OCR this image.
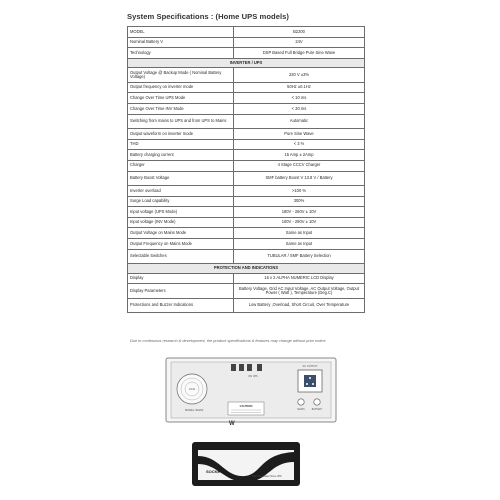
System Specifications : (Home UPS models)
MODEL	B2200
Nominal Battery V	24V
Technology	DSP Based Full Bridge Pure Sine Wave
INVERTER / UPS	
Output Voltage @ Backup Mode ( Nominal Battery Voltage)	220 V ±3%
Output frequency on inverter mode	50Hz ±0.1Hz
Change Over Time UPS Mode	< 10 ms
Change Over Time INV Mode	< 30 ms
Switching from mains to UPS and from UPS to Mains	Automatic
Output waveform on inverter mode	Pure Sine Wave
THD	< 3 %
Battery charging current	15 Amp ± 2Amp
Charger	4 Stage CCCV Charger
Battery Boost Voltage	SMF battery Boost V 13.8 V / Battery
Inverter overload	>100 %
Surge Load capability	300%
Input voltage (UPS Mode)	180V - 260V ± 10V
Input voltage (INV Mode)	100V - 290V ± 10V
Output Voltage on Mains Mode	Same as Input
Output Frequency on Mains Mode	Same as Input
Selectable Switches	TUBULAR / SMF Battery Selection
PROTECTION AND INDICATIONS	
Display	16 x 2 ALPHA NUMERIC LCD Display
Display Parameters	Battery Voltage, Grid AC Input Voltage, AC Output Voltage, Output Power ( Watt ), Temperature (Deg.C)
Protections and Buzzer Indications	Low Battery ,Overload, Short Circuit, Over Temperature
Due to continuous research & development, the product specifications & features may change without prior notice.
FAN
MODEL: B2200
INV UPS
CAUTION
AC OUTPUT
MAINS	BATTERY
W
SOCKET
DSP Sine Wave Home UPS
